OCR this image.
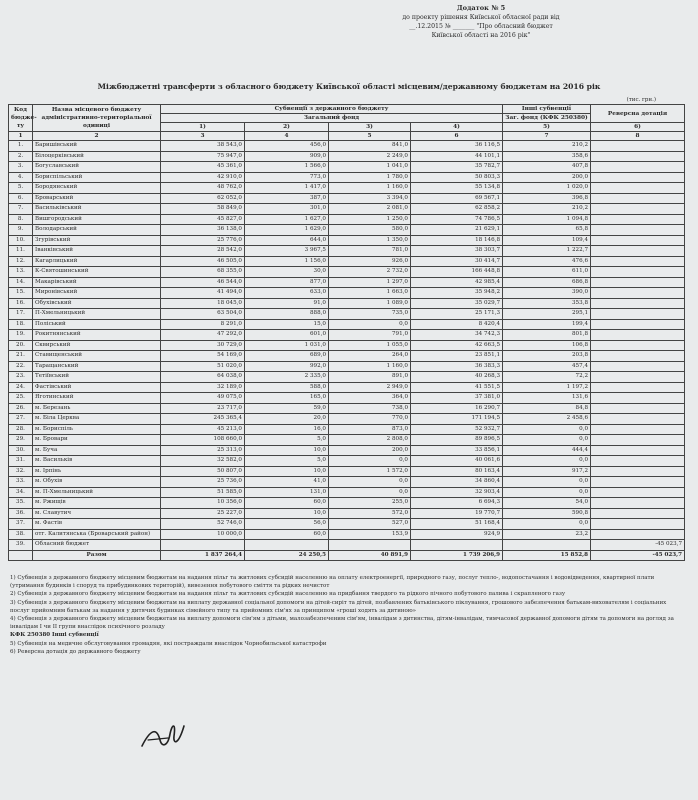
Додаток № 5
до проекту рішення Київської обласної ради від
__.12.2015 № _______ "Про обласний бюджет
Київської області на 2016 рік"
Міжбюджетні трансферти з обласного бюджету Київської області місцевим/державному бюджетам на 2016 рік
(тис. грн.)
Код бюдже-ту	Назва місцевого бюджету адміністративно-територіальної одиниці	Субвенції з державного бюджету				Інші субвенції	Реверсна дотація
		Загальний фонд				Заг. фонд (КФК 250380)	
		1)	2)	3)	4)	5)	6)
1	2	3	4	5	6	7	8
1.	Баришівський	38 543,0	456,0	841,0	36 116,5	210,2	
2.	Білоцерківський	75 947,0	909,0	2 249,0	44 101,1	358,6	
3.	Богуславський	45 361,0	1 566,0	1 041,0	35 782,7	407,8	
4.	Бориспільський	42 910,0	773,0	1 780,0	50 803,3	200,0	
5.	Бородянський	48 762,0	1 417,0	1 160,0	55 134,8	1 020,0	
6.	Броварський	62 052,0	387,0	3 394,0	69 567,1	396,8	
7.	Васильківський	58 849,0	301,0	2 081,0	62 858,2	210,2	
8.	Вишгородський	45 827,0	1 627,0	1 250,0	74 786,5	1 094,8	
9.	Володарський	36 138,0	1 629,0	580,0	21 629,1	65,8	
10.	Згурівський	25 776,0	644,0	1 350,0	18 146,8	109,4	
11.	Іванківський	28 542,0	3 967,5	781,0	38 303,7	1 222,7	
12.	Кагарлицький	46 505,0	1 156,0	926,0	30 414,7	476,6	
13.	К-Святошинський	68 355,0	30,0	2 732,0	166 448,8	611,0	
14.	Макарівський	46 544,0	877,0	1 297,0	42 985,4	686,8	
15.	Миронівський	41 494,0	633,0	1 663,0	35 948,2	390,0	
16.	Обухівський	18 045,0	91,0	1 089,0	35 029,7	353,8	
17.	П-Хмельницький	63 504,0	888,0	735,0	25 171,3	295,1	
18.	Поліський	8 291,0	15,0	0,0	8 420,4	199,4	
19.	Рокитнянський	47 292,0	601,0	791,0	34 742,3	801,8	
20.	Сквирський	30 729,0	1 031,0	1 055,0	42 663,5	106,8	
21.	Ставищенський	54 169,0	689,0	264,0	23 851,1	203,8	
22.	Таращанський	51 020,0	992,0	1 160,0	36 383,3	457,4	
23.	Тетіївський	64 038,0	2 335,0	891,0	40 268,3	72,2	
24.	Фастівський	32 189,0	588,0	2 949,0	41 551,5	1 197,2	
25.	Яготинський	49 075,0	165,0	364,0	37 381,0	131,6	
26.	м. Березань	23 717,0	59,0	738,0	16 290,7	84,8	
27.	м. Біла Церква	245 365,4	20,0	770,0	171 194,5	2 458,6	
28.	м. Бориспіль	45 213,0	16,0	873,0	52 932,7	0,0	
29.	м. Бровари	108 660,0	5,0	2 808,0	89 896,5	0,0	
30.	м. Буча	25 313,0	10,0	200,0	33 856,1	444,4	
31.	м. Васильків	32 582,0	5,0	0,0	40 061,6	0,0	
32.	м. Ірпінь	50 807,0	10,0	1 572,0	80 163,4	917,2	
33.	м. Обухів	25 736,0	41,0	0,0	34 860,4	0,0	
34.	м. П-Хмельницький	51 585,0	131,0	0,0	32 903,4	0,0	
35.	м. Ржищів	10 356,0	60,0	255,0	6 694,3	54,0	
36.	м. Славутич	25 227,0	10,0	572,0	19 770,7	590,8	
37.	м. Фастів	52 746,0	56,0	527,0	51 168,4	0,0	
38.	отг. Калитянська (Броварський район)	10 000,0	60,0	153,9	924,9	23,2	
39.	Обласний бюджет						-45 023,7
	Разом	1 837 264,4	24 250,5	40 891,9	1 739 206,9	15 852,8	-45 023,7

1) Субвенція з державного бюджету місцевим бюджетам на надання пільг та житлових субсидій населенню на оплату електроенергії, природного газу, послуг тепло-, водопостачання і водовідведення, квартирної плати (утримання будинків і споруд та прибудинкових територій), вивезення побутового сміття та рідких нечистот

2) Субвенція з державного бюджету місцевим бюджетам на надання пільг та житлових субсидій населенню на придбання твердого та рідкого пічного побутового палива і скрапленого газу

3) Субвенція з державного бюджету місцевим бюджетам на виплату державної соціальної допомоги на дітей-сиріт та дітей, позбавлених батьківського піклування, грошового забезпечення батькам-вихователям і соціальних послуг прийомним батькам за надання у дитячих будинках сімейного типу та прийомних сім'ях за принципом «гроші ходять за дитиною»

4) Субвенція з державного бюджету місцевим бюджетам на виплату допомоги сім'ям з дітьми, малозабезпеченим сім'ям, інвалідам з дитинства, дітям-інвалідам, тимчасової державної допомоги дітям та допомоги на догляд за інвалідам I чи II групи внаслідок психічного розладу

КФК 250380 Інші субвенції

5) Субвенція на медичне обслуговування громадян, які постраждали внаслідок Чорнобильської катастрофи

6) Реверсна дотація до державного бюджету
